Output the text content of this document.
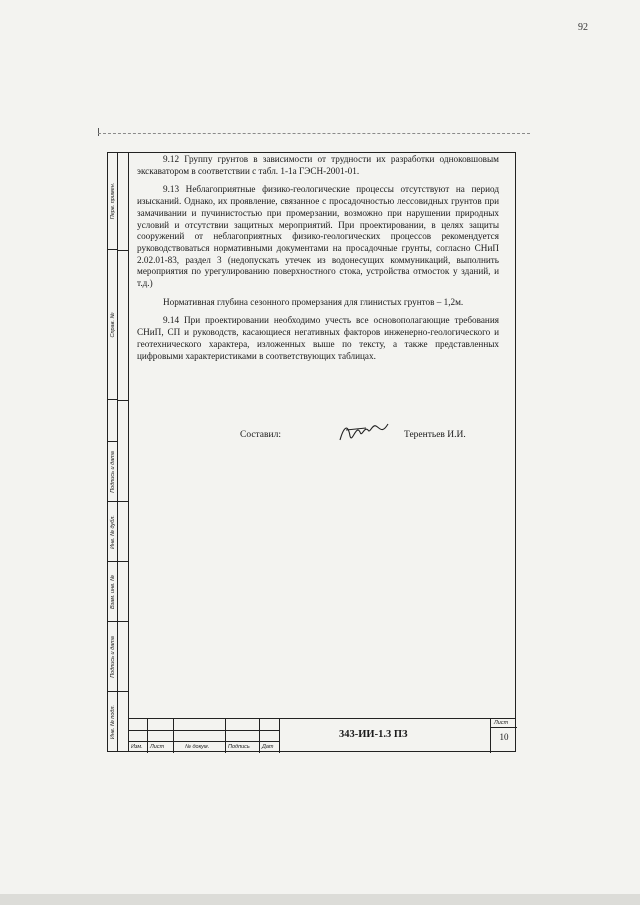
92
Перв. примен.
Справ. №
Подпись и дата
Инв. № дубл.
Взам. инв. №
Подпись и дата
Инв. № подл.

9.12 Группу грунтов в зависимости от трудности их разработки одноковшовым экскаватором в соответствии с табл. 1-1а ГЭСН-2001-01.

9.13 Неблагоприятные физико-геологические процессы отсутствуют на период изысканий. Однако, их проявление, связанное с просадочностью лессовидных грунтов при замачивании и пучинистостью при промерзании, возможно при нарушении природных условий и отсутствии защитных мероприятий. При проектировании, в целях защиты сооружений от неблагоприятных физико-геологических процессов рекомендуется руководствоваться нормативными документами на просадочные грунты, согласно СНиП 2.02.01-83, раздел 3 (недопускать утечек из водонесущих коммуникаций, выполнить мероприятия по урегулированию поверхностного стока, устройства отмосток у зданий, и т.д.)

Нормативная глубина сезонного промерзания для глинистых грунтов – 1,2м.

9.14 При проектировании необходимо учесть все основополагающие требования СНиП, СП и руководств, касающиеся негативных факторов инженерно-геологического и геотехнического характера, изложенных выше по тексту, а также представленных цифровыми характеристиками в соответствующих таблицах.

Составил:	Терентьев И.И.
Изм. Лист	№ докум.	Подпись Дат
343-ИИ-1.3 ПЗ
Лист
10
